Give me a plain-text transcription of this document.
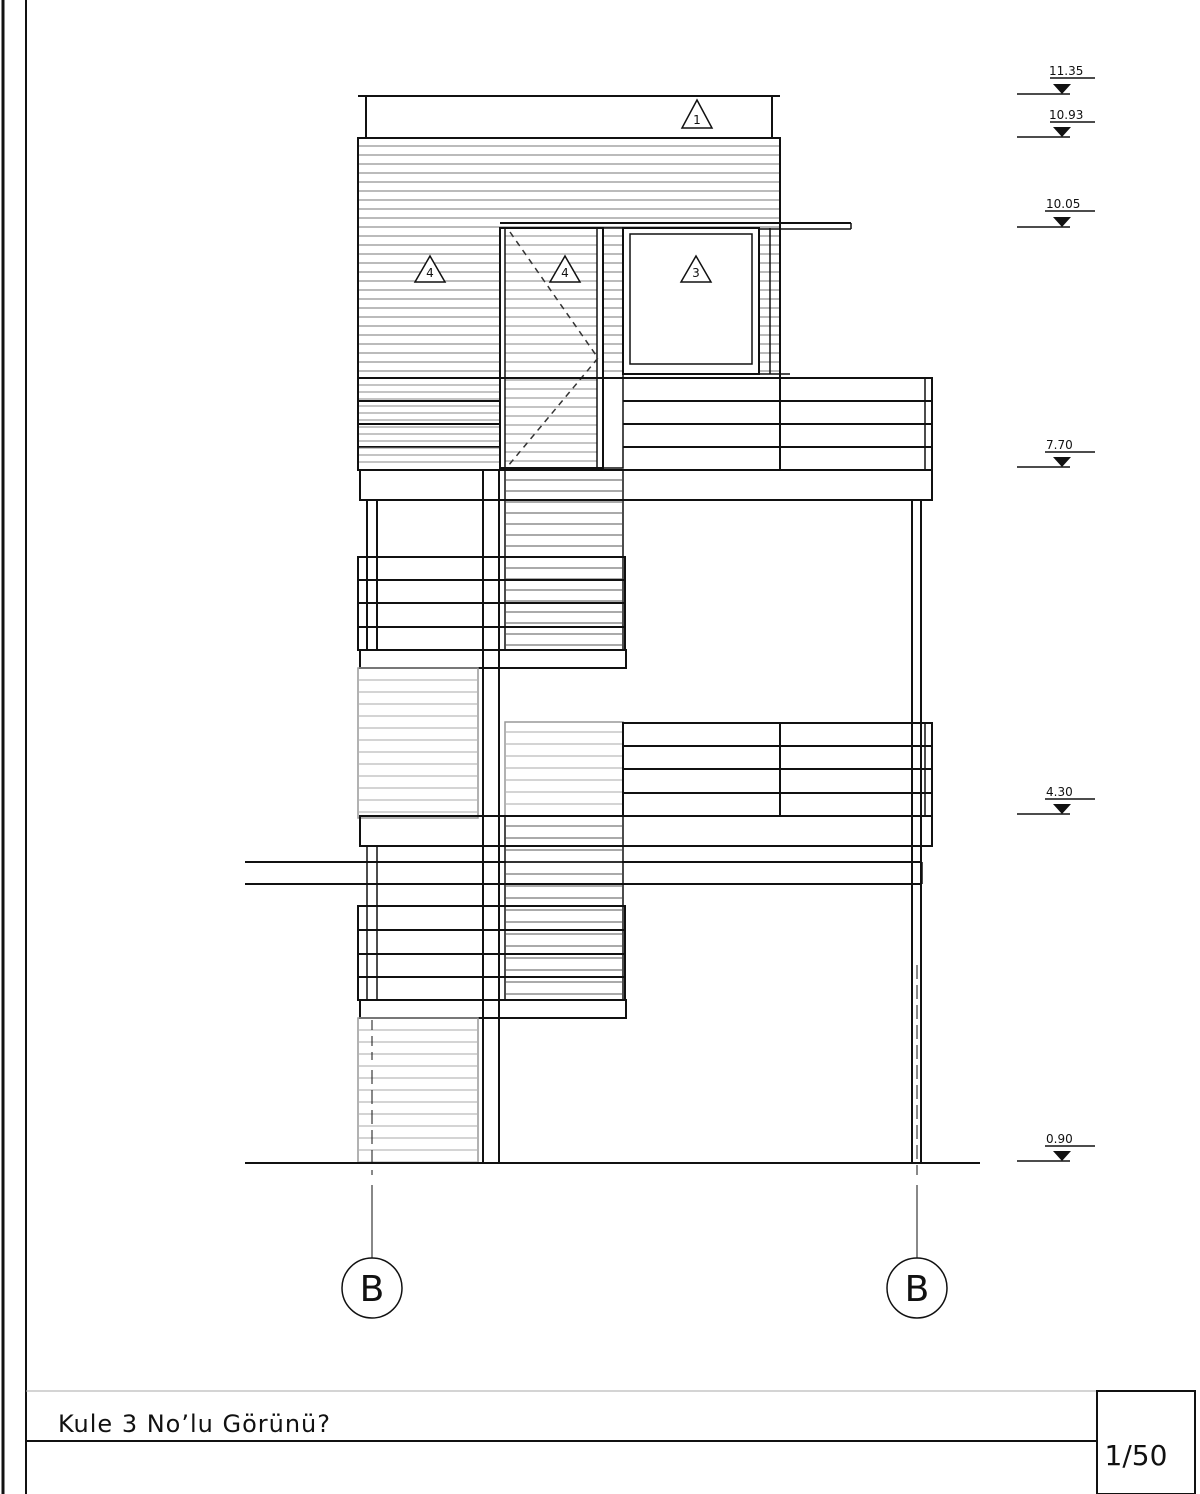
1
4	4	3
11.35
10.93
10.05
7.70
4.30
0.90
B	B
Kule 3 No’lu Görünü?
1/50
